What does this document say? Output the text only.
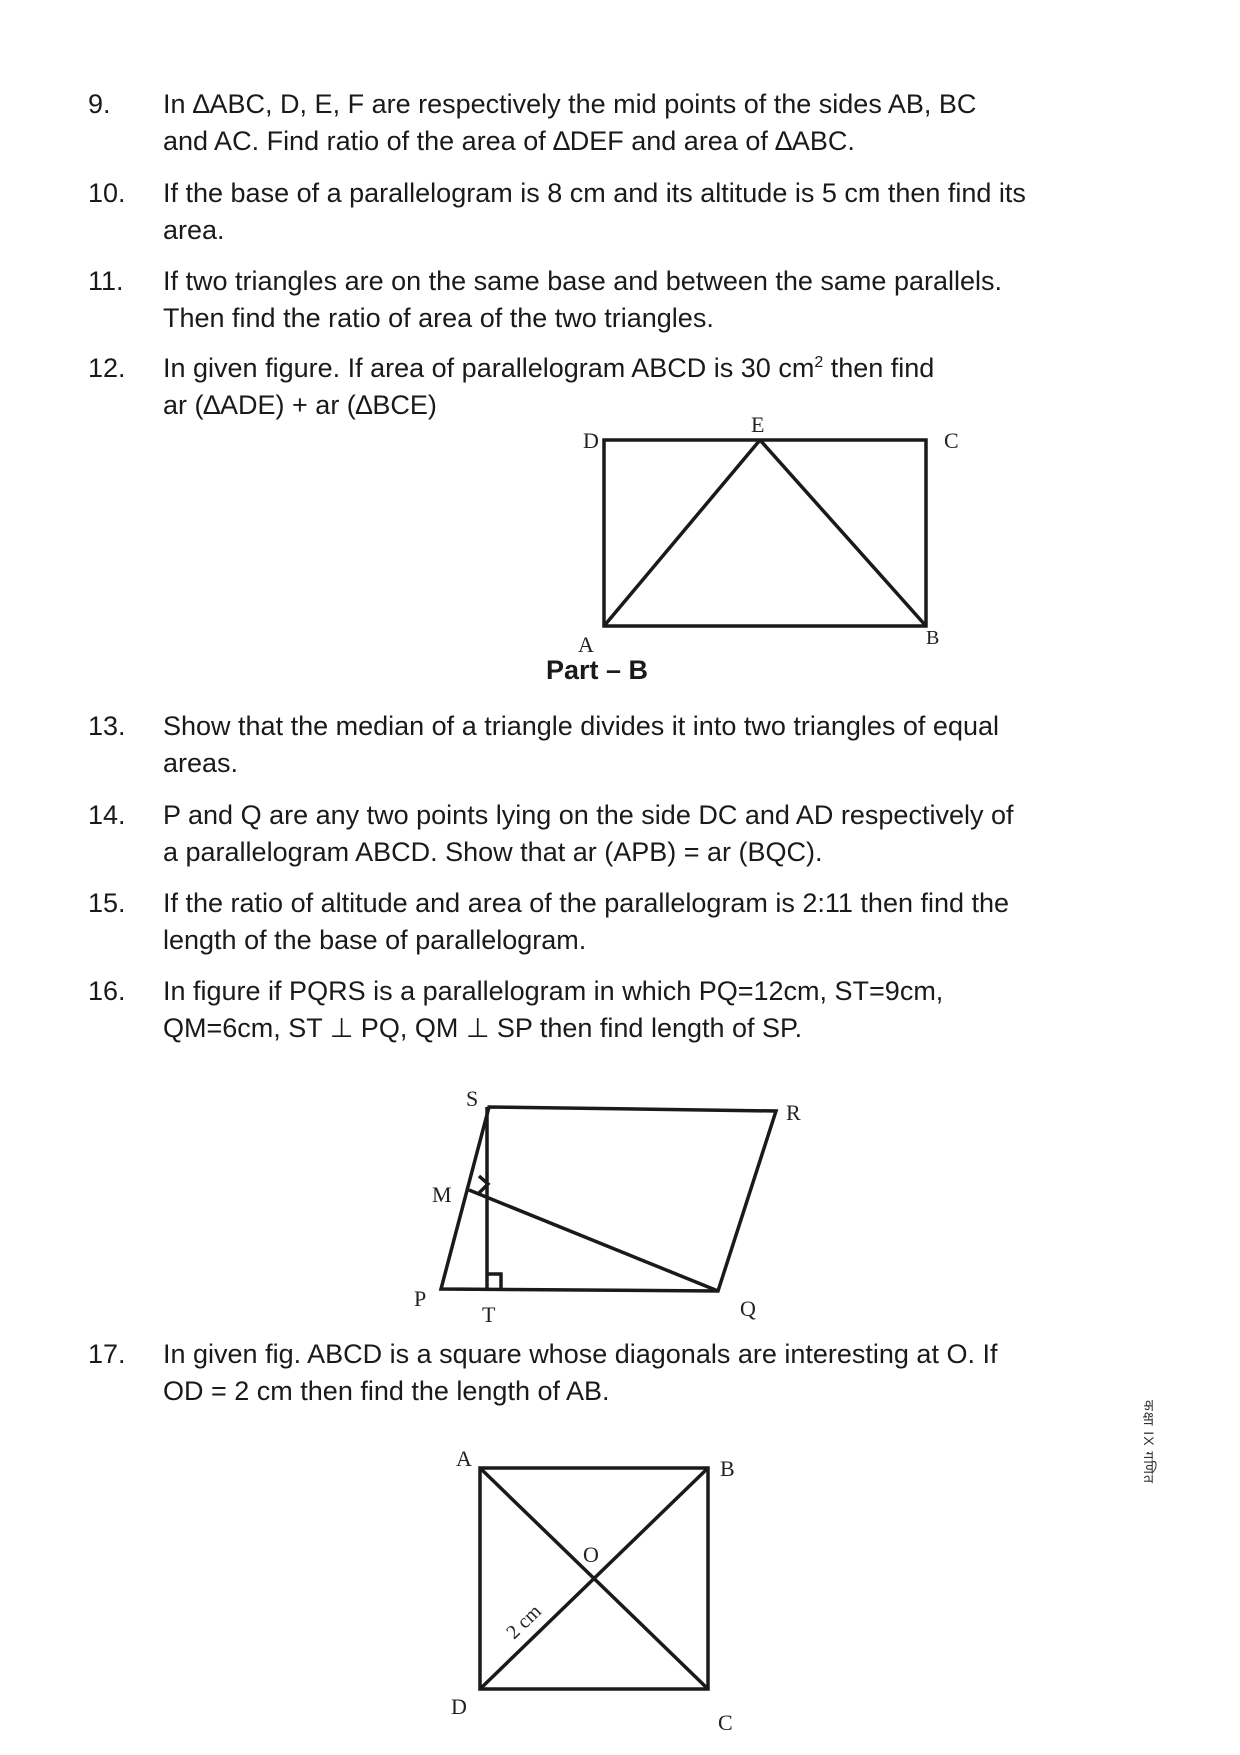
9. In ∆ABC, D, E, F are respectively the mid points of the sides AB, BC
and AC. Find ratio of the area of ∆DEF and area of ∆ABC.
10. If the base of a parallelogram is 8 cm and its altitude is 5 cm then find its
area.
11. If two triangles are on the same base and between the same parallels.
Then find the ratio of area of the two triangles.
12. In given figure. If area of parallelogram ABCD is 30 $cm^2$ then find
ar (∆ADE) + ar (∆BCE)
D
E
C
A	B
Part – B
13. Show that the median of a triangle divides it into two triangles of equal
areas.
14. P and Q are any two points lying on the side DC and AD respectively of
a parallelogram ABCD. Show that ar (APB) = ar (BQC).
15. If the ratio of altitude and area of the parallelogram is 2:11 then find the
length of the base of parallelogram.
16. In figure if PQRS is a parallelogram in which PQ=12cm, ST=9cm,
QM=6cm, ST ⊥ PQ, QM ⊥ SP then find length of SP.
S
R
M
P
T	Q
17. In given fig. ABCD is a square whose diagonals are interesting at O. If
OD = 2 cm then find the length of AB.
A	B
O
D
C
2 cm
कक्षा IX गणित
